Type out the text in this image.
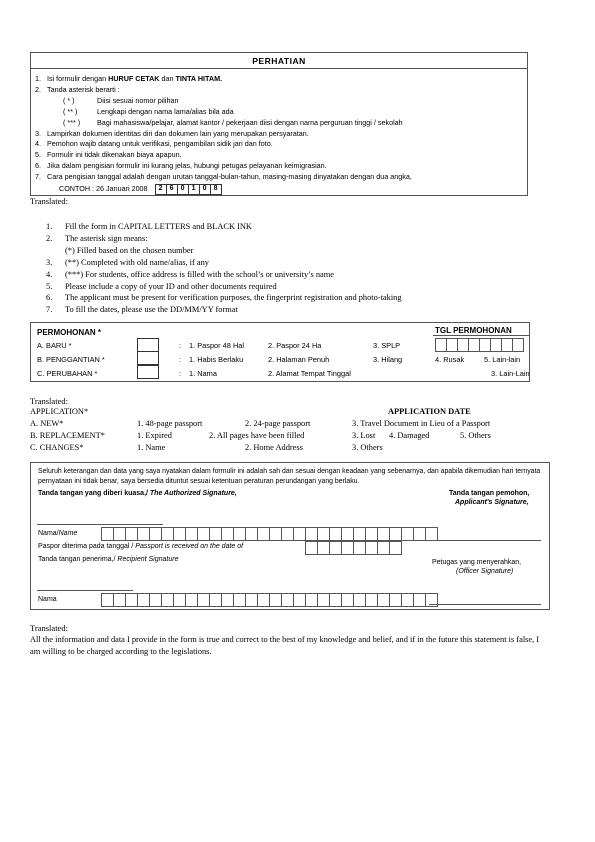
PERHATIAN
1. Isi formulir dengan HURUF CETAK dan TINTA HITAM.
2. Tanda asterisk berarti :
( * )	Diisi sesuai nomor pilihan
( ** )	Lengkapi dengan nama lama/alias bila ada
( *** )	Bagi mahasiswa/pelajar, alamat kantor / pekerjaan diisi dengan nama perguruan tinggi / sekolah
3. Lampirkan dokumen identitas diri dan dokumen lain yang merupakan persyaratan.
4. Pemohon wajib datang untuk verifikasi, pengambilan sidik jari dan foto.
5. Formulir ini tidak dikenakan biaya apapun.
6. Jika dalam pengisian formulir ini kurang jelas, hubungi petugas pelayanan keimigrasian.
7. Cara pengisian tanggal adalah dengan urutan tanggal-bulan-tahun, masing-masing dinyatakan dengan dua angka,
CONTOH : 26 Januari 2008	2	6	0	1	0	8
Translated:
1.	Fill the form in CAPITAL LETTERS and BLACK INK
2.	The asterisk sign means:
(*) Filled based on the chosen number
3.	(**) Completed with old name/alias, if any
4.	(***) For students, office address is filled with the school’s or university’s name
5.	Please include a copy of your ID and other documents required
6.	The applicant must be present for verification purposes, the fingerprint registration and photo-taking
7.	To fill the dates, please use the DD/MM/YY format
PERMOHONAN *	TGL PERMOHONAN
A. BARU *	: 1. Paspor 48 Hal	2. Paspor 24 Ha	3. SPLP
B. PENGGANTIAN *	: 1. Habis Berlaku	2. Halaman Penuh	3. Hilang	4. Rusak	5. Lain-lain
C. PERUBAHAN *	: 1. Nama	2. Alamat Tempat Tinggal	3. Lain-Lain
Translated:
APPLICATION*	APPLICATION DATE
A. NEW*	1. 48-page passport	2. 24-page passport	3. Travel Document in Lieu of a Passport
B. REPLACEMENT*	1. Expired	2. All pages have been filled	3. Lost 4. Damaged	5. Others
C. CHANGES*	1. Name	2. Home Address	3. Others
Seluruh keterangan dan data yang saya nyatakan dalam formulir ini adalah sah dan sesuai dengan keadaan yang sebenarnya, dan apabila dikemudian hari ternyata pernyataan ini tidak benar, saya bersedia dituntut sesuai ketentuan peraturan perundangan yang berlaku.
Tanda tangan yang diberi kuasa,/ The Authorized Signature,	Tanda tangan pemohon,
Applicant's Signature,
Nama/Name
Paspor diterima pada tanggal / Passport is received on the date of
Tanda tangan penerima,/ Recipient Signature
Nama
Petugas yang menyerahkan,
(Officer Signature)
Translated:
All the information and data I provide in the form is true and correct to the best of my knowledge and belief, and if in the future this statement is false, I am willing to be charged according to the legislations.
